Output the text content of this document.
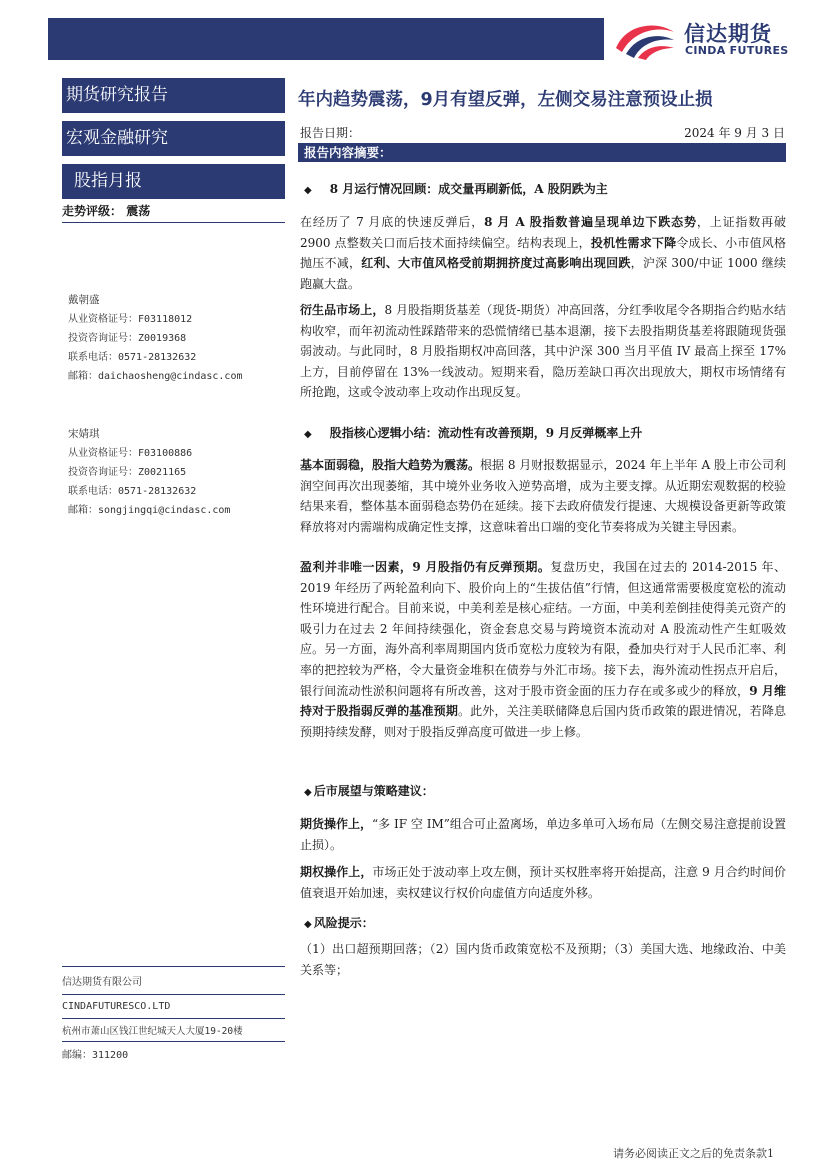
信达期货
CINDA FUTURES
期货研究报告
宏观金融研究
股指月报
走势评级： 震荡
戴朝盛
从业资格证号：F03118012
投资咨询证号：Z0019368
联系电话：0571-28132632
邮箱：daichaosheng@cindasc.com
宋婧琪
从业资格证号：F03100886
投资咨询证号：Z0021165
联系电话：0571-28132632
邮箱：songjingqi@cindasc.com
信达期货有限公司
CINDAFUTURESCO.LTD
杭州市萧山区钱江世纪城天人大厦19-20楼
邮编：311200
年内趋势震荡，9月有望反弹，左侧交易注意预设止损
报告日期：	2024 年 9 月 3 日
报告内容摘要：
◆ 8 月运行情况回顾：成交量再刷新低，A 股阴跌为主

在经历了 7 月底的快速反弹后，8 月 A 股指数普遍呈现单边下跌态势，上证指数再破 2900 点整数关口而后技术面持续偏空。结构表现上，投机性需求下降令成长、小市值风格抛压不减，红利、大市值风格受前期拥挤度过高影响出现回跌，沪深 300/中证 1000 继续跑赢大盘。

衍生品市场上，8 月股指期货基差（现货-期货）冲高回落，分红季收尾令各期指合约贴水结构收窄，而年初流动性踩踏带来的恐慌情绪已基本退潮，接下去股指期货基差将跟随现货强弱波动。与此同时，8 月股指期权冲高回落，其中沪深 300 当月平值 IV 最高上探至 17%上方，目前停留在 13%一线波动。短期来看，隐历差缺口再次出现放大，期权市场情绪有所抢跑，这或令波动率上攻动作出现反复。

◆ 股指核心逻辑小结：流动性有改善预期，9 月反弹概率上升

基本面弱稳，股指大趋势为震荡。根据 8 月财报数据显示，2024 年上半年 A 股上市公司利润空间再次出现萎缩，其中境外业务收入逆势高增，成为主要支撑。从近期宏观数据的校验结果来看，整体基本面弱稳态势仍在延续。接下去政府债发行提速、大规模设备更新等政策释放将对内需端构成确定性支撑，这意味着出口端的变化节奏将成为关键主导因素。

盈利并非唯一因素，9 月股指仍有反弹预期。复盘历史，我国在过去的 2014-2015 年、2019 年经历了两轮盈利向下、股价向上的“生拔估值”行情，但这通常需要极度宽松的流动性环境进行配合。目前来说，中美利差是核心症结。一方面，中美利差倒挂使得美元资产的吸引力在过去 2 年间持续强化，资金套息交易与跨境资本流动对 A 股流动性产生虹吸效应。另一方面，海外高利率周期国内货币宽松力度较为有限，叠加央行对于人民币汇率、利率的把控较为严格，令大量资金堆积在债券与外汇市场。接下去，海外流动性拐点开启后，银行间流动性淤积问题将有所改善，这对于股市资金面的压力存在或多或少的释放，9 月维持对于股指弱反弹的基准预期。此外，关注美联储降息后国内货币政策的跟进情况，若降息预期持续发酵，则对于股指反弹高度可做进一步上修。

◆ 后市展望与策略建议：

期货操作上，“多 IF 空 IM”组合可止盈离场，单边多单可入场布局（左侧交易注意提前设置止损）。

期权操作上，市场正处于波动率上攻左侧，预计买权胜率将开始提高，注意 9 月合约时间价值衰退开始加速，卖权建议行权价向虚值方向适度外移。

◆ 风险提示：

（1）出口超预期回落；（2）国内货币政策宽松不及预期；（3）美国大选、地缘政治、中美关系等；

请务必阅读正文之后的免责条款1
